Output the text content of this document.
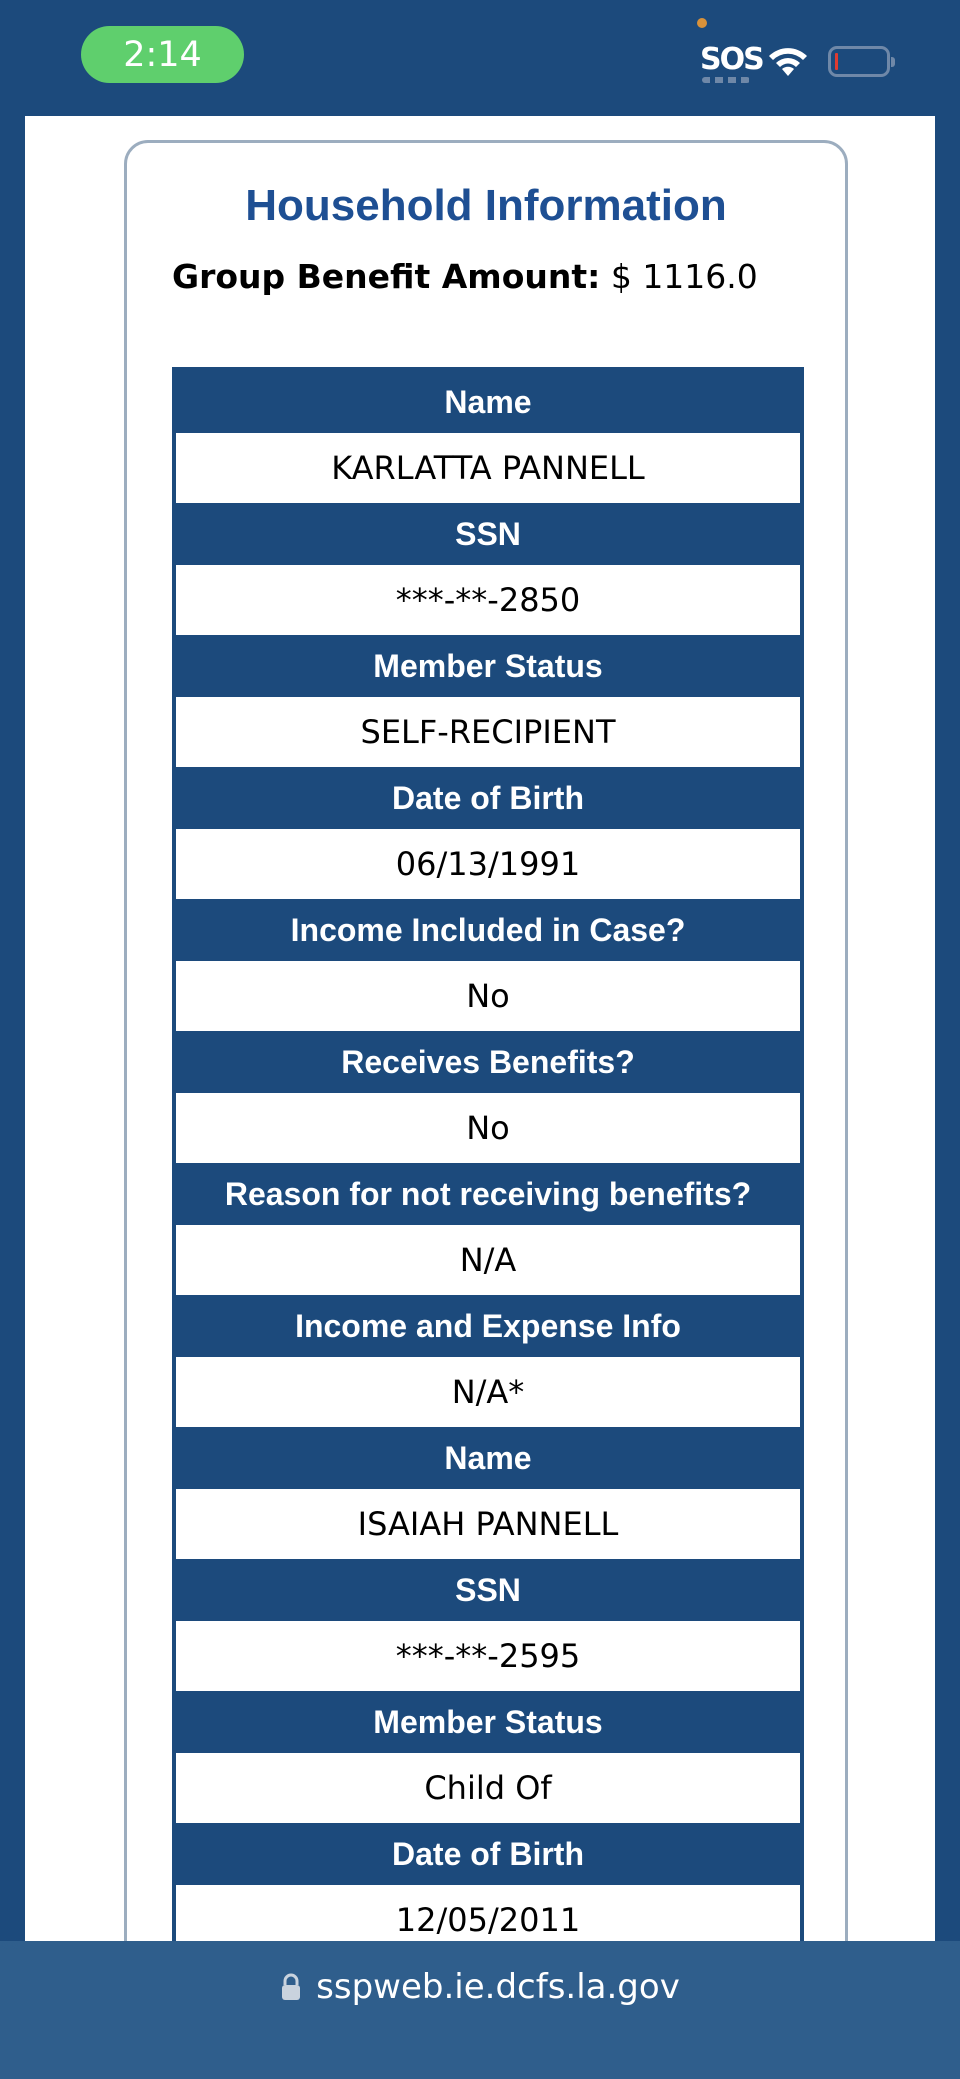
2:14	SOS
Household Information
Group Benefit Amount: $ 1116.0
Name
KARLATTA PANNELL
SSN
***-**-2850
Member Status
SELF-RECIPIENT
Date of Birth
06/13/1991
Income Included in Case?
No
Receives Benefits?
No
Reason for not receiving benefits?
N/A
Income and Expense Info
N/A*
Name
ISAIAH PANNELL
SSN
***-**-2595
Member Status
Child Of
Date of Birth
12/05/2011
sspweb.ie.dcfs.la.gov
